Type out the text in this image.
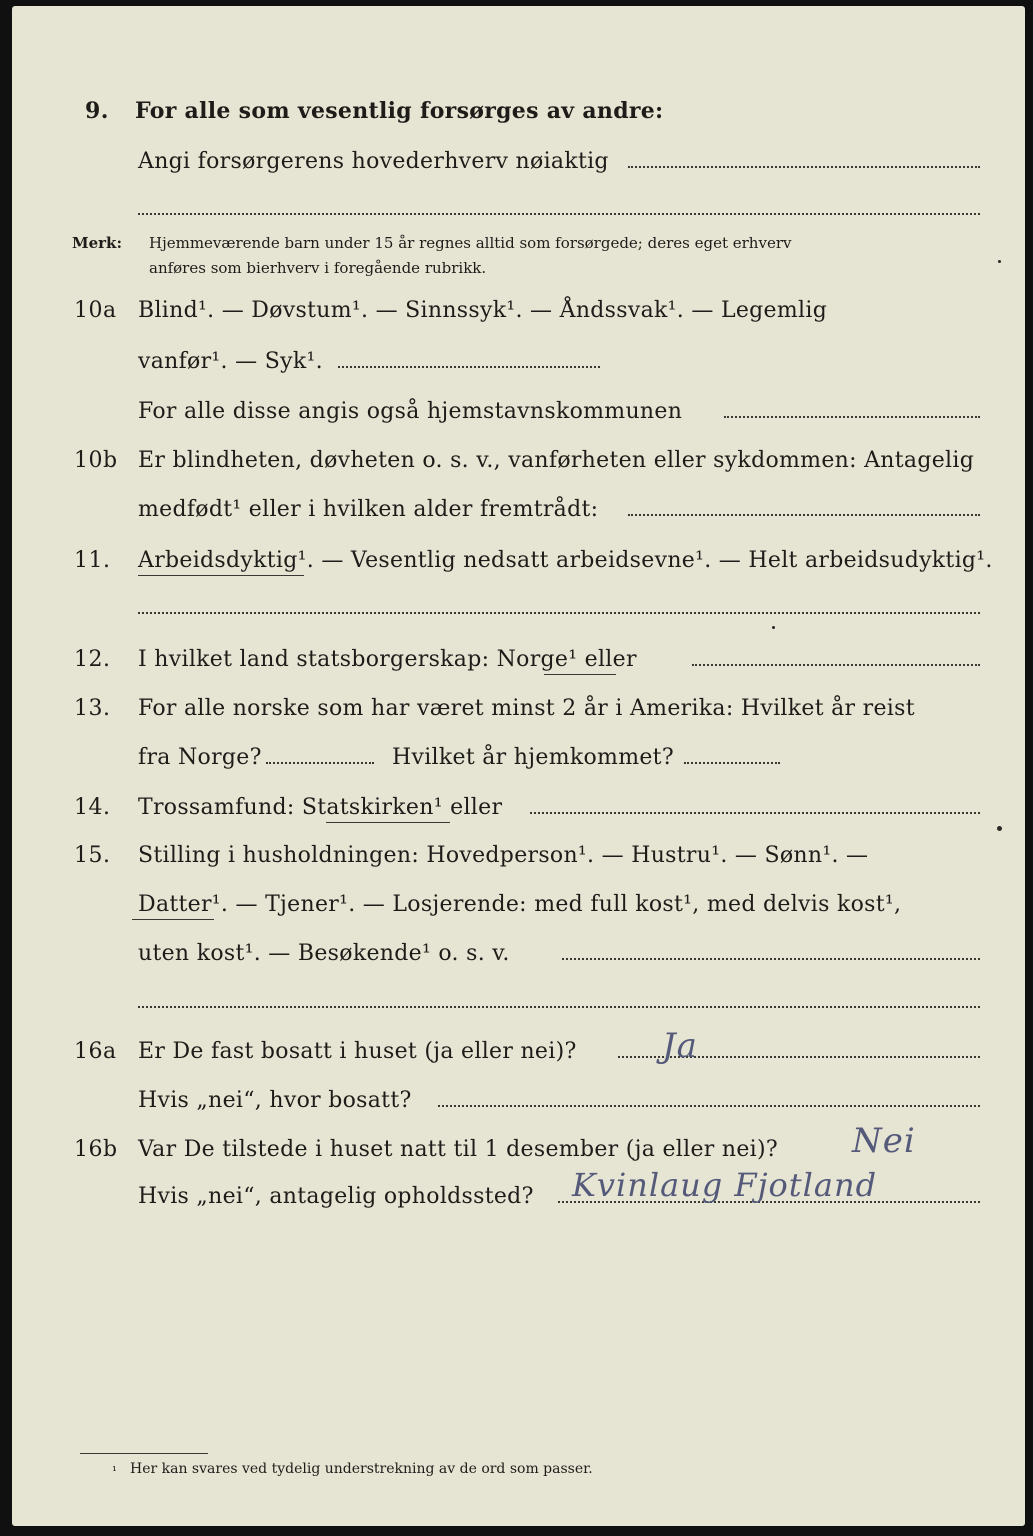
9. For alle som vesentlig forsørges av andre:
Angi forsørgerens hovederhverv nøiaktig
Merk: Hjemmeværende barn under 15 år regnes alltid som forsørgede; deres eget erhverv
anføres som bierhverv i foregående rubrikk.
10a Blind¹. — Døvstum¹. — Sinnssyk¹. — Åndssvak¹. — Legemlig
vanfør¹. — Syk¹.
For alle disse angis også hjemstavnskommunen
10b Er blindheten, døvheten o. s. v., vanførheten eller sykdommen: Antagelig
medfødt¹ eller i hvilken alder fremtrådt:
11. Arbeidsdyktig¹. — Vesentlig nedsatt arbeidsevne¹. — Helt arbeidsudyktig¹.
12. I hvilket land statsborgerskap: Norge¹ eller
13. For alle norske som har været minst 2 år i Amerika: Hvilket år reist
fra Norge?	Hvilket år hjemkommet?
14. Trossamfund: Statskirken¹ eller
15. Stilling i husholdningen: Hovedperson¹. — Hustru¹. — Sønn¹. —
Datter¹. — Tjener¹. — Losjerende: med full kost¹, med delvis kost¹,
uten kost¹. — Besøkende¹ o. s. v.
16a Er De fast bosatt i huset (ja eller nei)?	Ja
Hvis „nei“, hvor bosatt?
16b Var De tilstede i huset natt til 1 desember (ja eller nei)? Nei
Hvis „nei“, antagelig opholdssted? Kvinlaug Fjotland
¹ Her kan svares ved tydelig understrekning av de ord som passer.
